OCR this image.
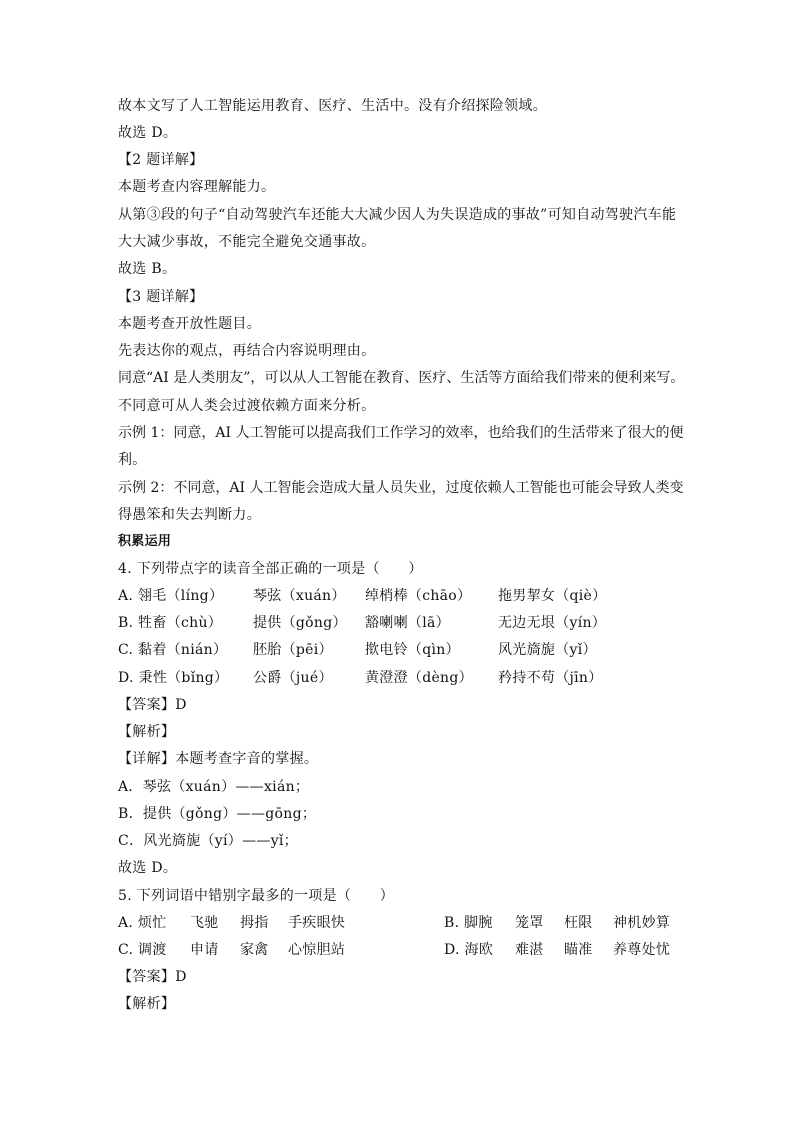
故本文写了人工智能运用教育、医疗、生活中。没有介绍探险领域。
故选 D。
【2 题详解】
本题考查内容理解能力。
从第③段的句子“自动驾驶汽车还能大大减少因人为失误造成的事故”可知自动驾驶汽车能
大大减少事故，不能完全避免交通事故。
故选 B。
【3 题详解】
本题考查开放性题目。
先表达你的观点，再结合内容说明理由。
同意“AI 是人类朋友”，可以从人工智能在教育、医疗、生活等方面给我们带来的便利来写。
不同意可从人类会过渡依赖方面来分析。
示例 1：同意，AI 人工智能可以提高我们工作学习的效率，也给我们的生活带来了很大的便
利。
示例 2：不同意，AI 人工智能会造成大量人员失业，过度依赖人工智能也可能会导致人类变
得愚笨和失去判断力。
积累运用
4. 下列带点字的读音全部正确的一项是（　　）
A. 翎毛（líng） 琴弦（xuán） 绰梢棒（chāo） 拖男挈女（qiè）
B. 牲畜（chù） 提供（gǒng） 豁喇喇（lā）	无边无垠（yín）
C. 黏着（nián） 胚胎（pēi） 揿电铃（qìn）	风光旖旎（yǐ）
D. 秉性（bǐng） 公爵（jué） 黄澄澄（dèng） 矜持不苟（jīn）
【答案】D
【解析】
【详解】本题考查字音的掌握。
A．琴弦（xuán）——xián；
B．提供（gǒng）——gōng；
C．风光旖旎（yí）——yǐ；
故选 D。
5. 下列词语中错别字最多的一项是（　　）
A. 烦忙 飞驰 拇指 手疾眼快	B. 脚腕 笼罩 枉限 神机妙算
C. 调渡 申请 家禽 心惊胆站	D. 海欧 难湛 瞄准 养尊处忧
【答案】D
【解析】
